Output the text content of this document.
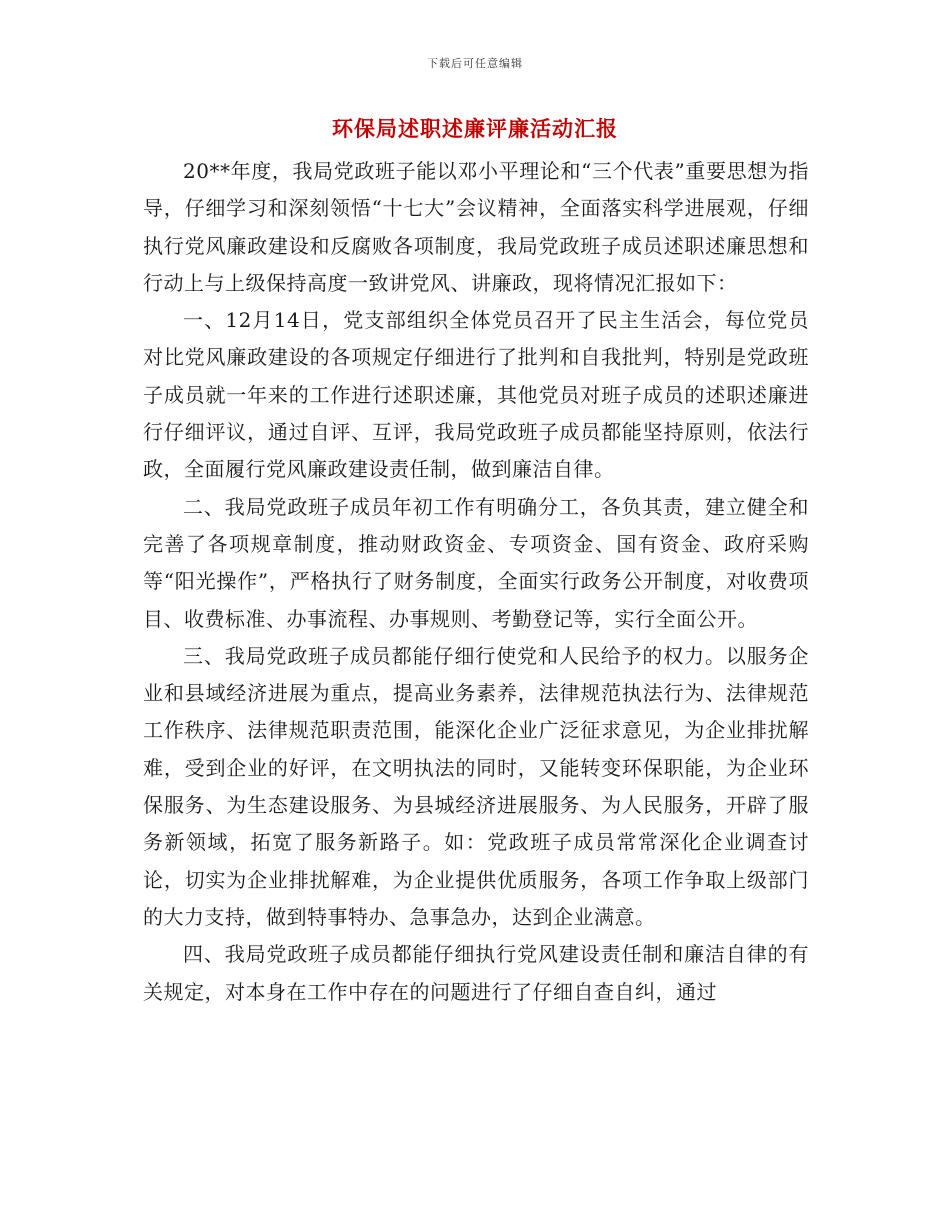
下载后可任意编辑
环保局述职述廉评廉活动汇报

20**年度，我局党政班子能以邓小平理论和“三个代表”重要思想为指导，仔细学习和深刻领悟“十七大”会议精神，全面落实科学进展观，仔细执行党风廉政建设和反腐败各项制度，我局党政班子成员述职述廉思想和行动上与上级保持高度一致讲党风、讲廉政，现将情况汇报如下：

一、12月14日，党支部组织全体党员召开了民主生活会，每位党员对比党风廉政建设的各项规定仔细进行了批判和自我批判，特别是党政班子成员就一年来的工作进行述职述廉，其他党员对班子成员的述职述廉进行仔细评议，通过自评、互评，我局党政班子成员都能坚持原则，依法行政，全面履行党风廉政建设责任制，做到廉洁自律。

二、我局党政班子成员年初工作有明确分工，各负其责，建立健全和完善了各项规章制度，推动财政资金、专项资金、国有资金、政府采购等“阳光操作”，严格执行了财务制度，全面实行政务公开制度，对收费项目、收费标准、办事流程、办事规则、考勤登记等，实行全面公开。

三、我局党政班子成员都能仔细行使党和人民给予的权力。以服务企业和县域经济进展为重点，提高业务素养，法律规范执法行为、法律规范工作秩序、法律规范职责范围，能深化企业广泛征求意见，为企业排扰解难，受到企业的好评，在文明执法的同时，又能转变环保职能，为企业环保服务、为生态建设服务、为县城经济进展服务、为人民服务，开辟了服务新领域，拓宽了服务新路子。如：党政班子成员常常深化企业调查讨论，切实为企业排扰解难，为企业提供优质服务，各项工作争取上级部门的大力支持，做到特事特办、急事急办，达到企业满意。

四、我局党政班子成员都能仔细执行党风建设责任制和廉洁自律的有关规定，对本身在工作中存在的问题进行了仔细自查自纠，通过
